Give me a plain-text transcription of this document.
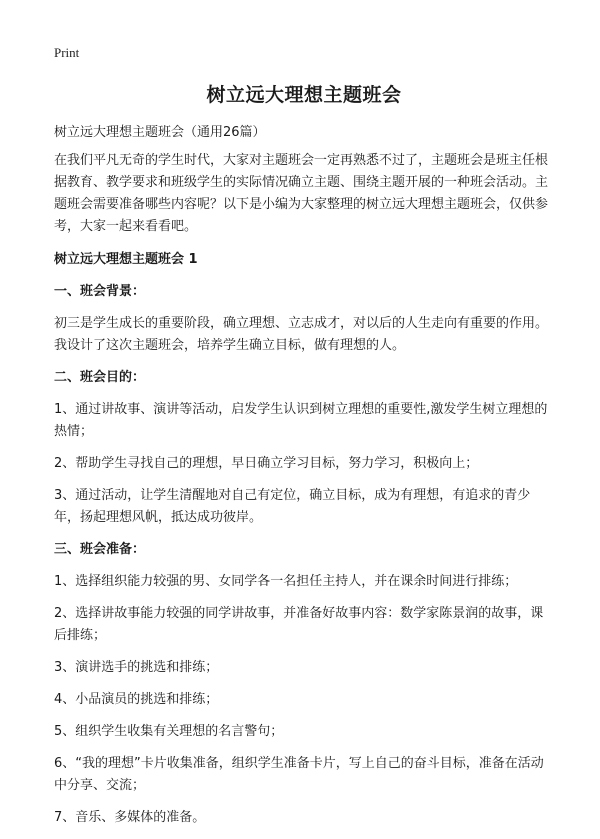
Print
树立远大理想主题班会

树立远大理想主题班会（通用26篇）

在我们平凡无奇的学生时代，大家对主题班会一定再熟悉不过了，主题班会是班主任根据教育、教学要求和班级学生的实际情况确立主题、围绕主题开展的一种班会活动。主题班会需要准备哪些内容呢？以下是小编为大家整理的树立远大理想主题班会，仅供参考，大家一起来看看吧。

树立远大理想主题班会 1

一、班会背景：

初三是学生成长的重要阶段，确立理想、立志成才，对以后的人生走向有重要的作用。我设计了这次主题班会，培养学生确立目标，做有理想的人。

二、班会目的：

1、通过讲故事、演讲等活动，启发学生认识到树立理想的重要性,激发学生树立理想的热情；

2、帮助学生寻找自己的理想，早日确立学习目标，努力学习，积极向上；

3、通过活动，让学生清醒地对自己有定位，确立目标，成为有理想，有追求的青少年，扬起理想风帆，抵达成功彼岸。

三、班会准备：

1、选择组织能力较强的男、女同学各一名担任主持人，并在课余时间进行排练；

2、选择讲故事能力较强的同学讲故事，并准备好故事内容：数学家陈景润的故事，课后排练；

3、演讲选手的挑选和排练；

4、小品演员的挑选和排练；

5、组织学生收集有关理想的名言警句；

6、“我的理想”卡片收集准备，组织学生准备卡片，写上自己的奋斗目标，准备在活动中分享、交流；

7、音乐、多媒体的准备。
